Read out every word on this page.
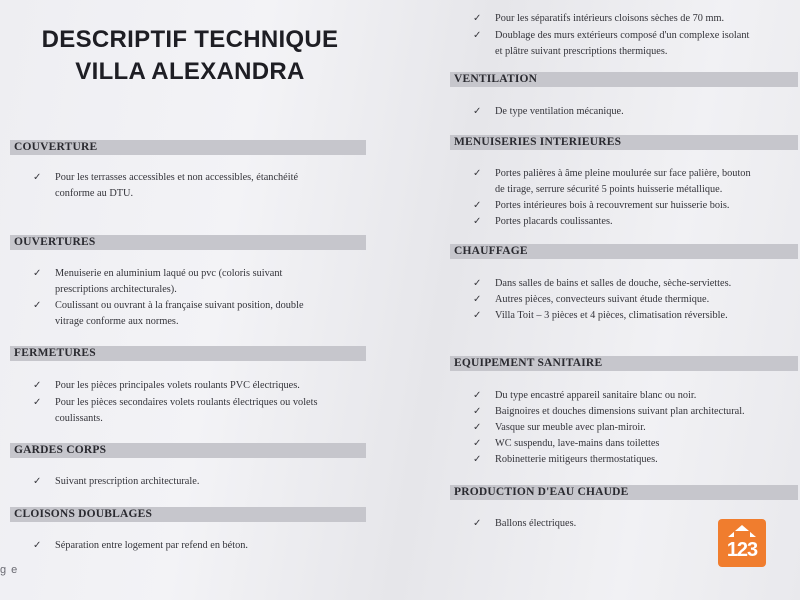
DESCRIPTIF TECHNIQUE
VILLA ALEXANDRA
COUVERTURE
✓ Pour les terrasses accessibles et non accessibles, étanchéité
conforme au DTU.
OUVERTURES
✓ Menuiserie en aluminium laqué ou pvc (coloris suivant
prescriptions architecturales).
✓ Coulissant ou ouvrant à la française suivant position, double
vitrage conforme aux normes.
FERMETURES
✓ Pour les pièces principales volets roulants PVC électriques.
✓ Pour les pièces secondaires volets roulants électriques ou volets
coulissants.
GARDES CORPS
✓ Suivant prescription architecturale.
CLOISONS DOUBLAGES
✓ Séparation entre logement par refend en béton.
✓ Pour les séparatifs intérieurs cloisons sèches de 70 mm.
✓ Doublage des murs extérieurs composé d'un complexe isolant
et plâtre suivant prescriptions thermiques.
VENTILATION
✓ De type ventilation mécanique.
MENUISERIES INTERIEURES
✓ Portes palières à âme pleine moulurée sur face palière, bouton
de tirage, serrure sécurité 5 points huisserie métallique.
✓ Portes intérieures bois à recouvrement sur huisserie bois.
✓ Portes placards coulissantes.
CHAUFFAGE
✓ Dans salles de bains et salles de douche, sèche-serviettes.
✓ Autres pièces, convecteurs suivant étude thermique.
✓ Villa Toit – 3 pièces et 4 pièces, climatisation réversible.
EQUIPEMENT SANITAIRE
✓ Du type encastré appareil sanitaire blanc ou noir.
✓ Baignoires et douches dimensions suivant plan architectural.
✓ Vasque sur meuble avec plan-miroir.
✓ WC suspendu, lave-mains dans toilettes
✓ Robinetterie mitigeurs thermostatiques.
PRODUCTION D'EAU CHAUDE
✓ Ballons électriques.
g e
123
